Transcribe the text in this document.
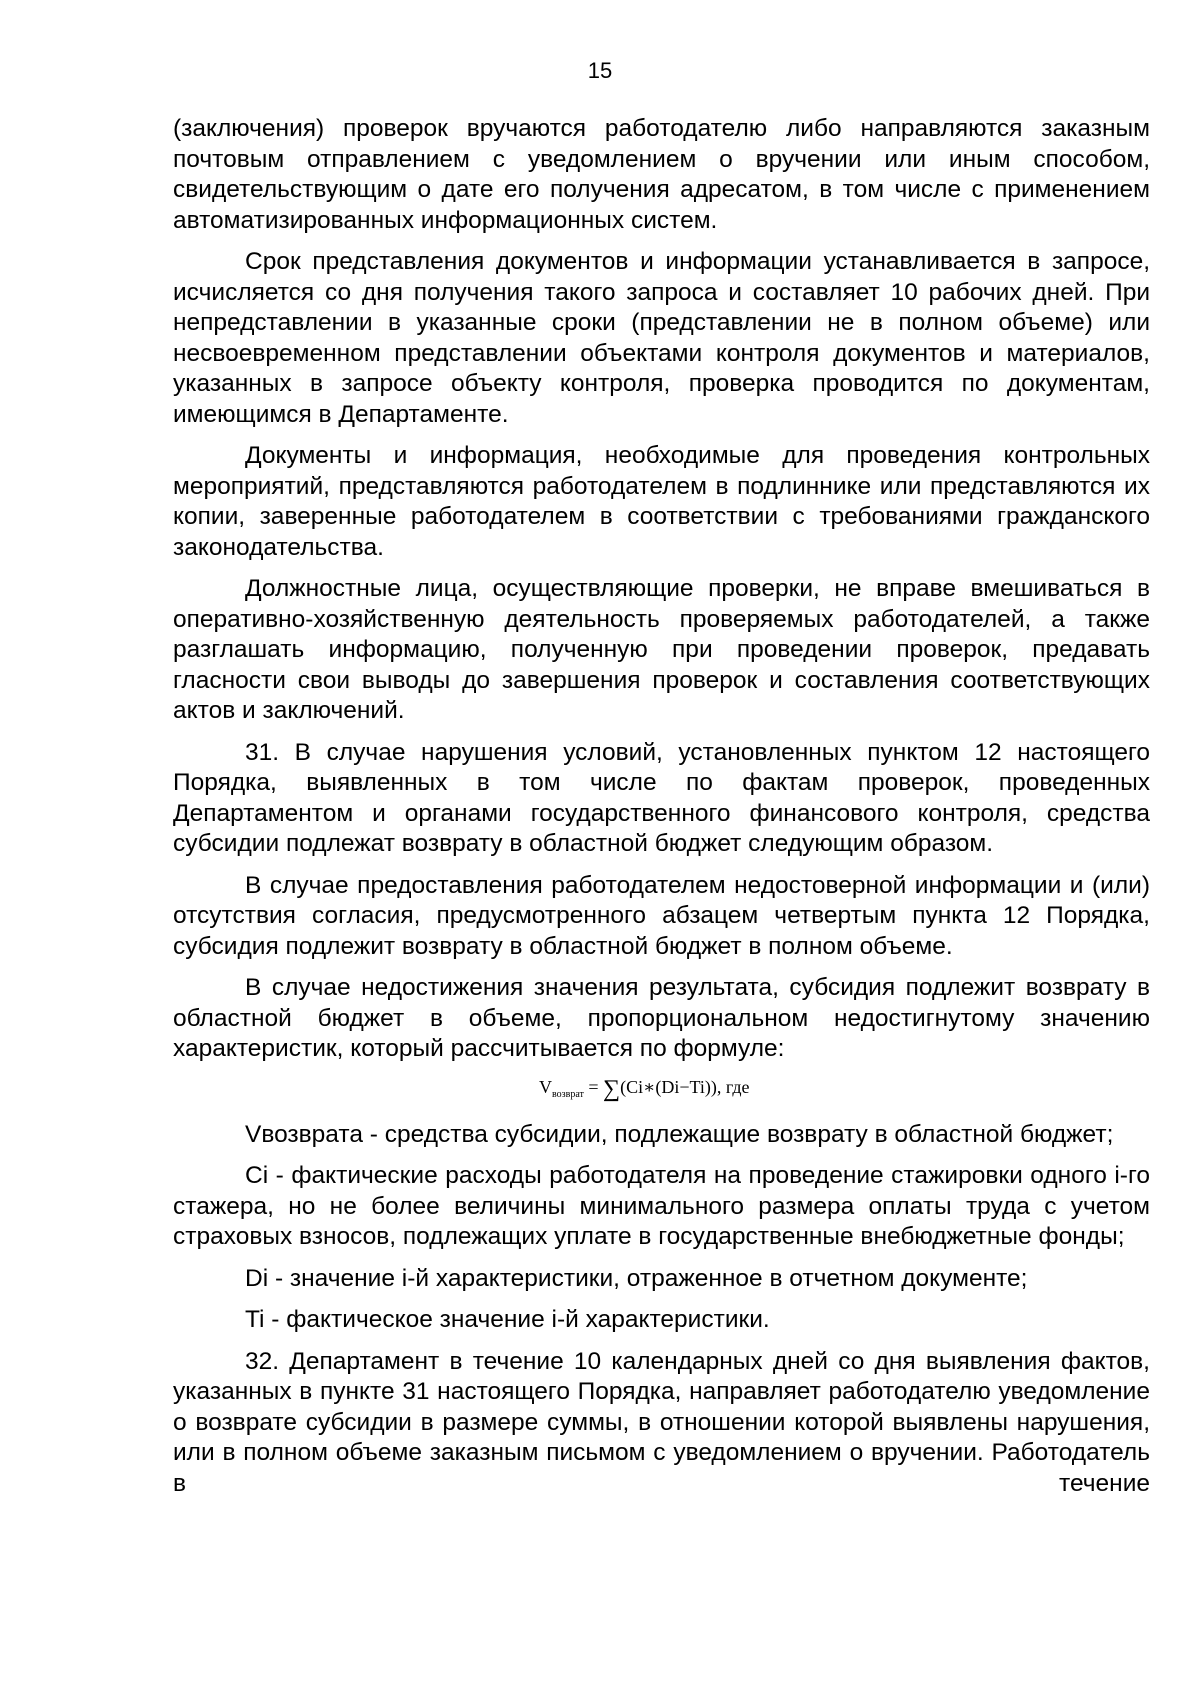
15

(заключения) проверок вручаются работодателю либо направляются заказным почтовым отправлением с уведомлением о вручении или иным способом, свидетельствующим о дате его получения адресатом, в том числе с применением автоматизированных информационных систем.

Срок представления документов и информации устанавливается в запросе, исчисляется со дня получения такого запроса и составляет 10 рабочих дней. При непредставлении в указанные сроки (представлении не в полном объеме) или несвоевременном представлении объектами контроля документов и материалов, указанных в запросе объекту контроля, проверка проводится по документам, имеющимся в Департаменте.

Документы и информация, необходимые для проведения контрольных мероприятий, представляются работодателем в подлиннике или представляются их копии, заверенные работодателем в соответствии с требованиями гражданского законодательства.

Должностные лица, осуществляющие проверки, не вправе вмешиваться в оперативно-хозяйственную деятельность проверяемых работодателей, а также разглашать информацию, полученную при проведении проверок, предавать гласности свои выводы до завершения проверок и составления соответствующих актов и заключений.

31. В случае нарушения условий, установленных пунктом 12 настоящего Порядка, выявленных в том числе по фактам проверок, проведенных Департаментом и органами государственного финансового контроля, средства субсидии подлежат возврату в областной бюджет следующим образом.

В случае предоставления работодателем недостоверной информации и (или) отсутствия согласия, предусмотренного абзацем четвертым пункта 12 Порядка, субсидия подлежит возврату в областной бюджет в полном объеме.

В случае недостижения значения результата, субсидия подлежит возврату в областной бюджет в объеме, пропорциональном недостигнутому значению характеристик, который рассчитывается по формуле:

$V_{возврат}$ = ∑(Ci∗(Di−Ti)), где

Vвозврата - средства субсидии, подлежащие возврату в областной бюджет;

Ci - фактические расходы работодателя на проведение стажировки одного i-го стажера, но не более величины минимального размера оплаты труда с учетом страховых взносов, подлежащих уплате в государственные внебюджетные фонды;

Di - значение i-й характеристики, отраженное в отчетном документе;

Ti - фактическое значение i-й характеристики.

32. Департамент в течение 10 календарных дней со дня выявления фактов, указанных в пункте 31 настоящего Порядка, направляет работодателю уведомление о возврате субсидии в размере суммы, в отношении которой выявлены нарушения, или в полном объеме заказным письмом с уведомлением о вручении. Работодатель в течение
